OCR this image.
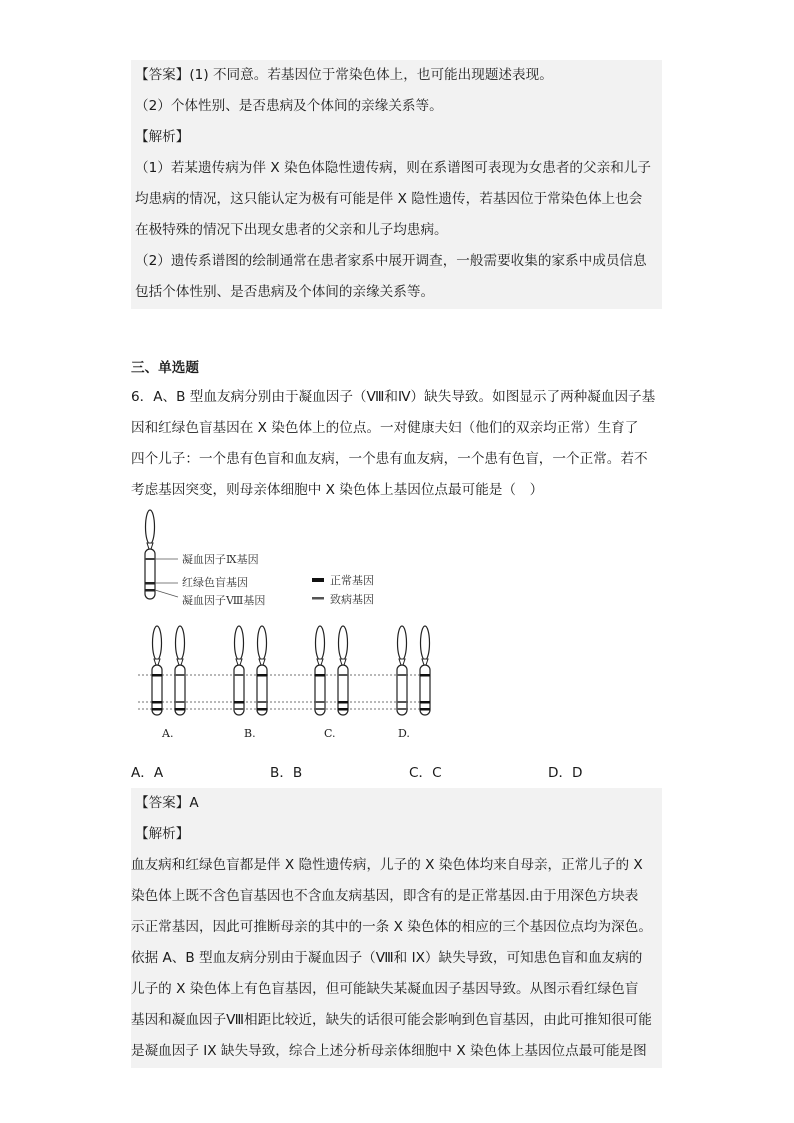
【答案】(1) 不同意。若基因位于常染色体上，也可能出现题述表现。
（2）个体性别、是否患病及个体间的亲缘关系等。
【解析】
（1）若某遗传病为伴 X 染色体隐性遗传病，则在系谱图可表现为女患者的父亲和儿子
均患病的情况，这只能认定为极有可能是伴 X 隐性遗传，若基因位于常染色体上也会
在极特殊的情况下出现女患者的父亲和儿子均患病。
（2）遗传系谱图的绘制通常在患者家系中展开调查，一般需要收集的家系中成员信息
包括个体性别、是否患病及个体间的亲缘关系等。
三、单选题
6．A、B 型血友病分别由于凝血因子（Ⅷ和Ⅳ）缺失导致。如图显示了两种凝血因子基
因和红绿色盲基因在 X 染色体上的位点。一对健康夫妇（他们的双亲均正常）生育了
四个儿子：一个患有色盲和血友病，一个患有血友病，一个患有色盲，一个正常。若不
考虑基因突变，则母亲体细胞中 X 染色体上基因位点最可能是（　）
凝血因子Ⅸ基因
红绿色盲基因
凝血因子Ⅷ基因
正常基因
致病基因
A.	B.	C.	D.
A．A	B．B	C．C	D．D
【答案】A
【解析】
血友病和红绿色盲都是伴 X 隐性遗传病，儿子的 X 染色体均来自母亲，正常儿子的 X
染色体上既不含色盲基因也不含血友病基因，即含有的是正常基因.由于用深色方块表
示正常基因，因此可推断母亲的其中的一条 X 染色体的相应的三个基因位点均为深色。
依据 A、B 型血友病分别由于凝血因子（Ⅷ和 IX）缺失导致，可知患色盲和血友病的
儿子的 X 染色体上有色盲基因，但可能缺失某凝血因子基因导致。从图示看红绿色盲
基因和凝血因子Ⅷ相距比较近，缺失的话很可能会影响到色盲基因，由此可推知很可能
是凝血因子 IX 缺失导致，综合上述分析母亲体细胞中 X 染色体上基因位点最可能是图
